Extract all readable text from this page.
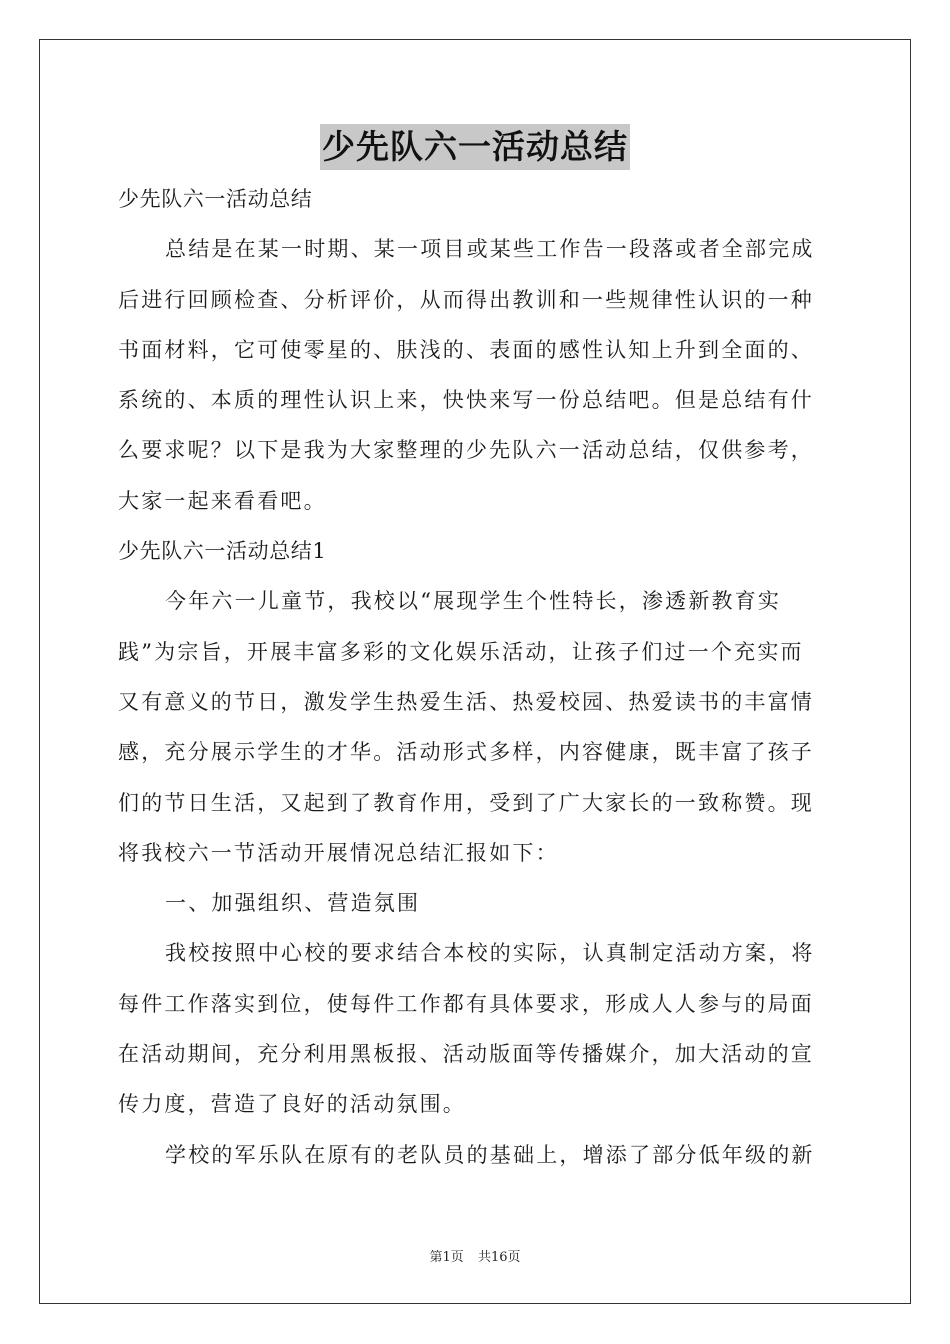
少先队六一活动总结
少先队六一活动总结
总结是在某一时期、某一项目或某些工作告一段落或者全部完成
后进行回顾检查、分析评价，从而得出教训和一些规律性认识的一种
书面材料，它可使零星的、肤浅的、表面的感性认知上升到全面的、
系统的、本质的理性认识上来，快快来写一份总结吧。但是总结有什
么要求呢？以下是我为大家整理的少先队六一活动总结，仅供参考，
大家一起来看看吧。
少先队六一活动总结1
今年六一儿童节，我校以“展现学生个性特长，渗透新教育实
践”为宗旨，开展丰富多彩的文化娱乐活动，让孩子们过一个充实而
又有意义的节日，激发学生热爱生活、热爱校园、热爱读书的丰富情
感，充分展示学生的才华。活动形式多样，内容健康，既丰富了孩子
们的节日生活，又起到了教育作用，受到了广大家长的一致称赞。现
将我校六一节活动开展情况总结汇报如下：
一、加强组织、营造氛围
我校按照中心校的要求结合本校的实际，认真制定活动方案，将
每件工作落实到位，使每件工作都有具体要求，形成人人参与的局面
在活动期间，充分利用黑板报、活动版面等传播媒介，加大活动的宣
传力度，营造了良好的活动氛围。
学校的军乐队在原有的老队员的基础上，增添了部分低年级的新
第1页 共16页
